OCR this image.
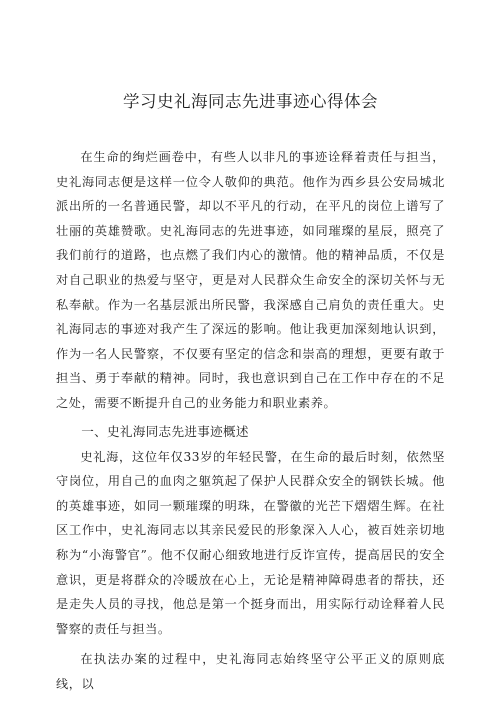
学习史礼海同志先进事迹心得体会

在生命的绚烂画卷中，有些人以非凡的事迹诠释着责任与担当，史礼海同志便是这样一位令人敬仰的典范。他作为西乡县公安局城北派出所的一名普通民警，却以不平凡的行动，在平凡的岗位上谱写了壮丽的英雄赞歌。史礼海同志的先进事迹，如同璀璨的星辰，照亮了我们前行的道路，也点燃了我们内心的激情。他的精神品质，不仅是对自己职业的热爱与坚守，更是对人民群众生命安全的深切关怀与无私奉献。作为一名基层派出所民警，我深感自己肩负的责任重大。史礼海同志的事迹对我产生了深远的影响。他让我更加深刻地认识到，作为一名人民警察，不仅要有坚定的信念和崇高的理想，更要有敢于担当、勇于奉献的精神。同时，我也意识到自己在工作中存在的不足之处，需要不断提升自己的业务能力和职业素养。

一、史礼海同志先进事迹概述

史礼海，这位年仅33岁的年轻民警，在生命的最后时刻，依然坚守岗位，用自己的血肉之躯筑起了保护人民群众安全的钢铁长城。他的英雄事迹，如同一颗璀璨的明珠，在警徽的光芒下熠熠生辉。在社区工作中，史礼海同志以其亲民爱民的形象深入人心，被百姓亲切地称为“小海警官”。他不仅耐心细致地进行反诈宣传，提高居民的安全意识，更是将群众的冷暖放在心上，无论是精神障碍患者的帮扶，还是走失人员的寻找，他总是第一个挺身而出，用实际行动诠释着人民警察的责任与担当。

在执法办案的过程中，史礼海同志始终坚守公平正义的原则底线，以
